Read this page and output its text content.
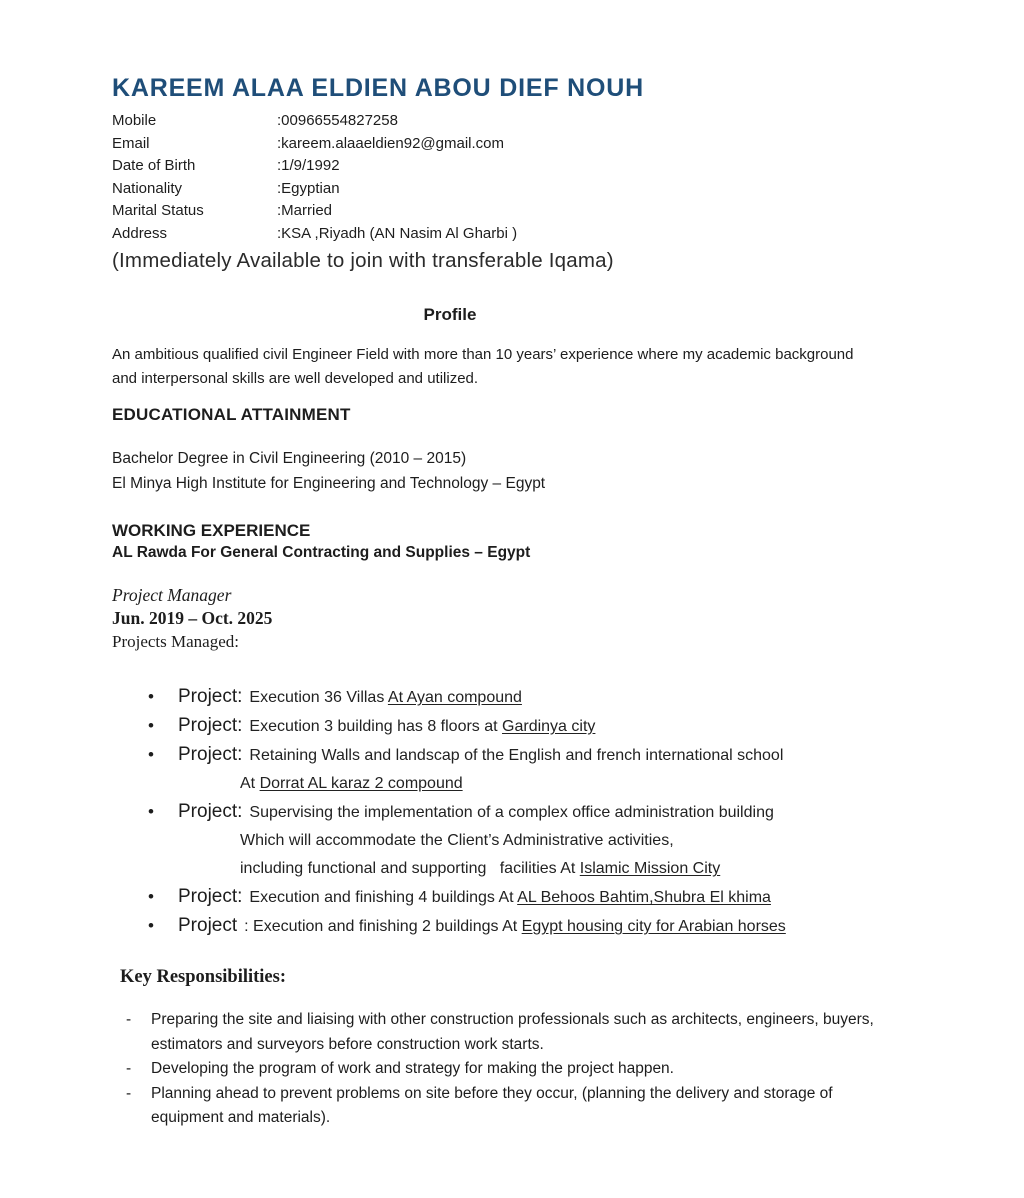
KAREEM ALAA ELDIEN ABOU DIEF NOUH
Mobile	:00966554827258
Email	:kareem.alaaeldien92@gmail.com
Date of Birth	:1/9/1992
Nationality	:Egyptian
Marital Status	:Married
Address	:KSA ,Riyadh (AN Nasim Al Gharbi )
(Immediately Available to join with transferable Iqama)
Profile

An ambitious qualified civil Engineer Field with more than 10 years’ experience where my academic background and interpersonal skills are well developed and utilized.

EDUCATIONAL ATTAINMENT
Bachelor Degree in Civil Engineering (2010 – 2015)
El Minya High Institute for Engineering and Technology – Egypt
WORKING EXPERIENCE
AL Rawda For General Contracting and Supplies – Egypt
Project Manager
Jun. 2019 – Oct. 2025
Projects Managed:
•	Project: Execution 36 Villas At Ayan compound
•	Project: Execution 3 building has 8 floors at Gardinya city
•	Project: Retaining Walls and landscap of the English and french international school
At Dorrat AL karaz 2 compound
•	Project: Supervising the implementation of a complex office administration building
Which will accommodate the Client’s Administrative activities,
including functional and supporting   facilities At Islamic Mission City
•	Project: Execution and finishing 4 buildings At AL Behoos Bahtim,Shubra El khima
•	Project : Execution and finishing 2 buildings At Egypt housing city for Arabian horses
Key Responsibilities:
-	Preparing the site and liaising with other construction professionals such as architects, engineers, buyers, estimators and surveyors before construction work starts.
-	Developing the program of work and strategy for making the project happen.
-	Planning ahead to prevent problems on site before they occur, (planning the delivery and storage of equipment and materials).
